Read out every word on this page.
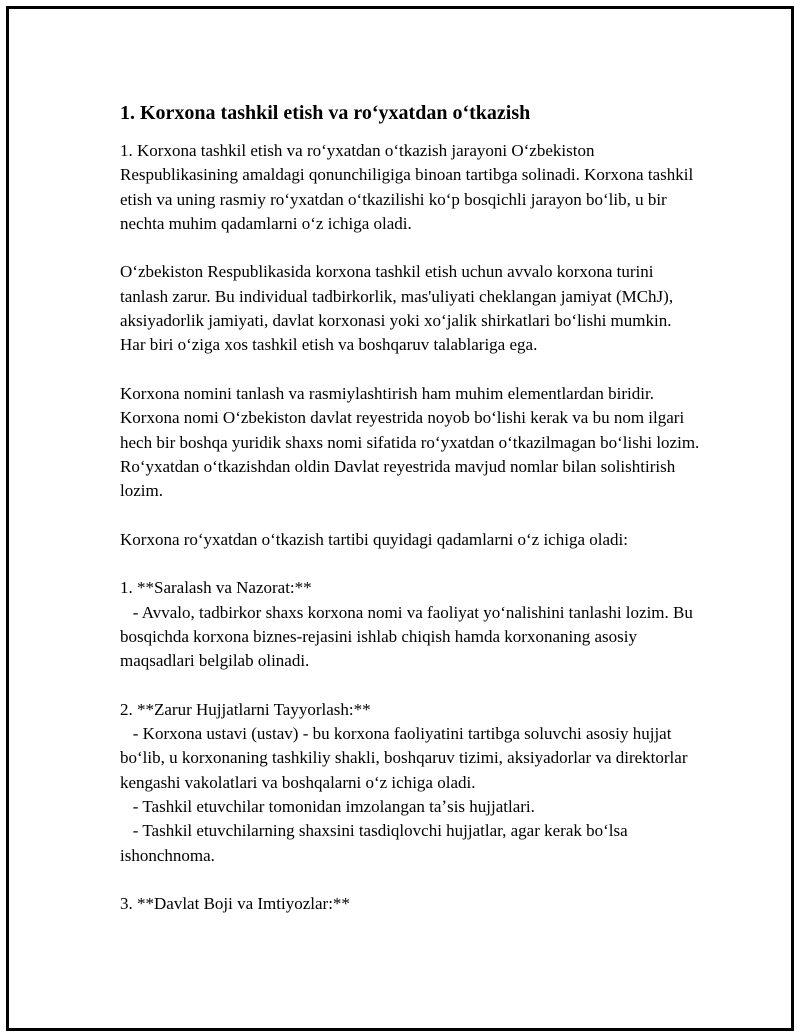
1. Korxona tashkil etish va roʻyxatdan oʻtkazish

1. Korxona tashkil etish va roʻyxatdan oʻtkazish jarayoni Oʻzbekiston Respublikasining amaldagi qonunchiligiga binoan tartibga solinadi. Korxona tashkil etish va uning rasmiy roʻyxatdan oʻtkazilishi koʻp bosqichli jarayon boʻlib, u bir nechta muhim qadamlarni oʻz ichiga oladi.

Oʻzbekiston Respublikasida korxona tashkil etish uchun avvalo korxona turini tanlash zarur. Bu individual tadbirkorlik, mas'uliyati cheklangan jamiyat (MChJ), aksiyadorlik jamiyati, davlat korxonasi yoki xoʻjalik shirkatlari boʻlishi mumkin. Har biri oʻziga xos tashkil etish va boshqaruv talablariga ega.

Korxona nomini tanlash va rasmiylashtirish ham muhim elementlardan biridir. Korxona nomi Oʻzbekiston davlat reyestrida noyob boʻlishi kerak va bu nom ilgari hech bir boshqa yuridik shaxs nomi sifatida roʻyxatdan oʻtkazilmagan boʻlishi lozim. Roʻyxatdan oʻtkazishdan oldin Davlat reyestrida mavjud nomlar bilan solishtirish lozim.

Korxona roʻyxatdan oʻtkazish tartibi quyidagi qadamlarni oʻz ichiga oladi:

1. **Saralash va Nazorat:**
- Avvalo, tadbirkor shaxs korxona nomi va faoliyat yoʻnalishini tanlashi lozim. Bu bosqichda korxona biznes-rejasini ishlab chiqish hamda korxonaning asosiy maqsadlari belgilab olinadi.

2. **Zarur Hujjatlarni Tayyorlash:**
- Korxona ustavi (ustav) - bu korxona faoliyatini tartibga soluvchi asosiy hujjat boʻlib, u korxonaning tashkiliy shakli, boshqaruv tizimi, aksiyadorlar va direktorlar kengashi vakolatlari va boshqalarni oʻz ichiga oladi.
- Tashkil etuvchilar tomonidan imzolangan taʼsis hujjatlari.
- Tashkil etuvchilarning shaxsini tasdiqlovchi hujjatlar, agar kerak boʻlsa ishonchnoma.

3. **Davlat Boji va Imtiyozlar:**
